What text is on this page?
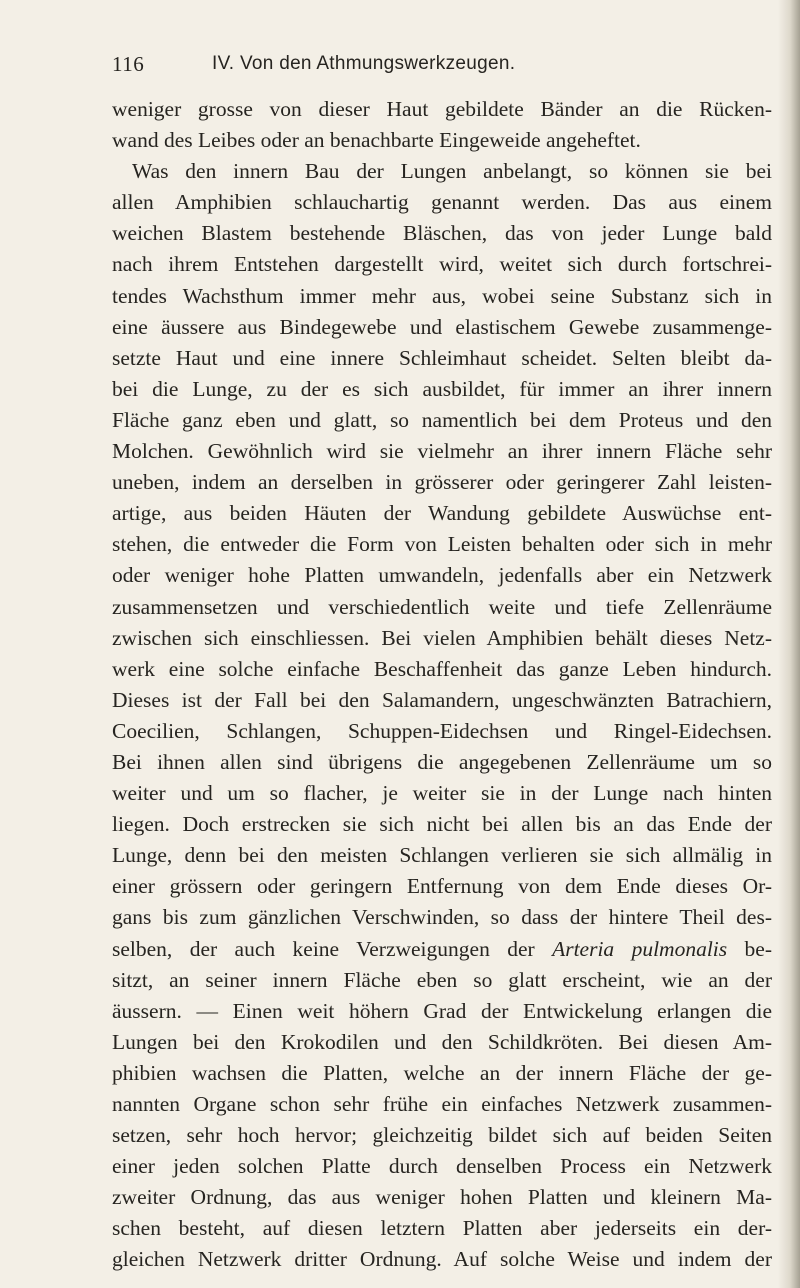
116	IV. Von den Athmungswerkzeugen.
weniger grosse von dieser Haut gebildete Bänder an die Rücken-
wand des Leibes oder an benachbarte Eingeweide angeheftet.
Was den innern Bau der Lungen anbelangt, so können sie bei
allen Amphibien schlauchartig genannt werden. Das aus einem
weichen Blastem bestehende Bläschen, das von jeder Lunge bald
nach ihrem Entstehen dargestellt wird, weitet sich durch fortschrei-
tendes Wachsthum immer mehr aus, wobei seine Substanz sich in
eine äussere aus Bindegewebe und elastischem Gewebe zusammenge-
setzte Haut und eine innere Schleimhaut scheidet. Selten bleibt da-
bei die Lunge, zu der es sich ausbildet, für immer an ihrer innern
Fläche ganz eben und glatt, so namentlich bei dem Proteus und den
Molchen. Gewöhnlich wird sie vielmehr an ihrer innern Fläche sehr
uneben, indem an derselben in grösserer oder geringerer Zahl leisten-
artige, aus beiden Häuten der Wandung gebildete Auswüchse ent-
stehen, die entweder die Form von Leisten behalten oder sich in mehr
oder weniger hohe Platten umwandeln, jedenfalls aber ein Netzwerk
zusammensetzen und verschiedentlich weite und tiefe Zellenräume
zwischen sich einschliessen. Bei vielen Amphibien behält dieses Netz-
werk eine solche einfache Beschaffenheit das ganze Leben hindurch.
Dieses ist der Fall bei den Salamandern, ungeschwänzten Batrachiern,
Coecilien, Schlangen, Schuppen-Eidechsen und Ringel-Eidechsen.
Bei ihnen allen sind übrigens die angegebenen Zellenräume um so
weiter und um so flacher, je weiter sie in der Lunge nach hinten
liegen. Doch erstrecken sie sich nicht bei allen bis an das Ende der
Lunge, denn bei den meisten Schlangen verlieren sie sich allmälig in
einer grössern oder geringern Entfernung von dem Ende dieses Or-
gans bis zum gänzlichen Verschwinden, so dass der hintere Theil des-
selben, der auch keine Verzweigungen der Arteria pulmonalis be-
sitzt, an seiner innern Fläche eben so glatt erscheint, wie an der
äussern. — Einen weit höhern Grad der Entwickelung erlangen die
Lungen bei den Krokodilen und den Schildkröten. Bei diesen Am-
phibien wachsen die Platten, welche an der innern Fläche der ge-
nannten Organe schon sehr frühe ein einfaches Netzwerk zusammen-
setzen, sehr hoch hervor; gleichzeitig bildet sich auf beiden Seiten
einer jeden solchen Platte durch denselben Process ein Netzwerk
zweiter Ordnung, das aus weniger hohen Platten und kleinern Ma-
schen besteht, auf diesen letztern Platten aber jederseits ein der-
gleichen Netzwerk dritter Ordnung. Auf solche Weise und indem der
